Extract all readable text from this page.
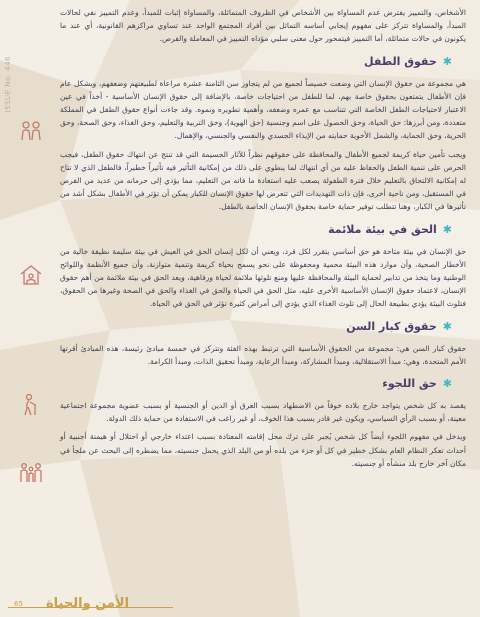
ISSUE No. 446

الأشخاص، والتمييز يفترض عدم المساواة بين الأشخاص في الظروف المتماثلة، والمساواة إثبات للمبدأ، وعدم التمييز نفي لحالات المبدأ، والمساواة تتركز على مفهوم إيجابي أساسه التماثل بين أفراد المجتمع الواحد عند تساوي مراكزهم القانونية، أي عند ما يكونون في حالات متماثلة، أما التمييز فيتمحور حول معنى سلبي مؤداه التمييز في المعاملة والفرص.

✱حقوق الطفل

هي مجموعة من حقوق الإنسان التي وضعت خصيصاً لجميع من لم يتجاوز سن الثامنة عشرة مراعاة لطبيعتهم وضعفهم، وبشكل عام فإن الأطفال يتمتعون بحقوق خاصة بهم، لما للطفل من احتياجات خاصة، بالإضافة إلى حقوق الإنسان الأساسية - أخذاً في عين الاعتبار لاحتياجات الطفل الخاصة التي تتناسب مع عمره وضعفه، وأهمية تطويره ونموه. وقد جاءت أنواع حقوق الطفل في المملكة متعددة، ومن أبرزها: حق الحياة، وحق الحصول على اسم وجنسية (حق الهوية)، وحق التربية والتعليم، وحق الغذاء، وحق الصحة، وحق الحرية، وحق الحماية، والشمل الأخوية حمايته من الإيذاء الجسدي والنفسي والجنسي، والإهمال.

ويجب تأمين حياة كريمة لجميع الأطفال والمحافظة على حقوقهم نظراً للآثار الجسيمة التي قد تنتج عن انتهاك حقوق الطفل، فيجب الحرص على تنمية الطفل والحفاظ عليه من أي انتهاك لما ينطوي على ذلك من إمكانية التأثير فيه تأثيراً خطيراً، فالطفل الذي لا تتاح له إمكانية الالتحاق بالتعليم خلال فترة الطفولة يصعب عليه استعادة ما فاته من التعليم، مما يؤدي إلى حرمانه من عديد من الفرص في المستقبل، ومن ناحية أخرى، فإن ذات التهديدات التي تتعرض لها حقوق الإنسان للكبار يمكن أن تؤثر في الأطفال بشكل أشد من تأثيرها في الكبار، وهنا تتطلب توفير حماية خاصة بحقوق الإنسان الخاصة بالطفل.

✱الحق في بيئة ملائمة

حق الإنسان في بيئة متاحة هو حق أساسي يتقرر لكل فرد، ويعني أن لكل إنسان الحق في العيش في بيئة سليمة نظيفة خالية من الأخطار الصحية، وأن موارد هذه البيئة محمية ومحفوظة على نحو يسمح بحياة كريمة وتنمية متوازنة، وأن جميع الأنظمة واللوائح الوطنية وما يتخذ من تدابير لحماية البيئة والمحافظة عليها ومنع تلوثها ملائمة لحياة ورفاهية، ويعد الحق في بيئة ملائمة من أهم حقوق الإنسان، لاعتماد حقوق الإنسان الأساسية الأخرى عليه، مثل الحق في الحياة والحق في الغذاء والحق في الصحة وغيرها من الحقوق، فتلوث البيئة يؤدي بطبيعة الحال إلى تلوث الغذاء الذي يؤدي إلى أمراض كثيرة تؤثر في الحق في الحياة.

✱حقوق كبار السن

حقوق كبار السن هي: مجموعة من الحقوق الأساسية التي ترتبط بهذه الفئة وتتركز في خمسة مبادئ رئيسة، هذه المبادئ أقرتها الأمم المتحدة، وهي: مبدأ الاستقلالية، ومبدأ المشاركة، ومبدأ الرعاية، ومبدأ تحقيق الذات، ومبدأ الكرامة.

✱حق اللجوء

يقصد به كل شخص يتواجد خارج بلاده خوفاً من الاضطهاد بسبب العرق أو الدين أو الجنسية أو بسبب عضوية مجموعة اجتماعية معينة، أو بسبب الرأي السياسي، ويكون غير قادر بسبب هذا الخوف، أو غير راغب في الاستفادة من حماية ذلك الدولة.

ويدخل في مفهوم اللجوء أيضاً كل شخص يُجبر على ترك محل إقامته المعتادة بسبب اعتداء خارجي أو احتلال أو هيمنة أجنبية أو أحداث تعكر النظام العام بشكل خطير في كل أو جزء من بلده أو من البلد الذي يحمل جنسيته، مما يضطره إلى البحث عن ملجأ في مكان آخر خارج بلد منشأه أو جنسيته.

65 الأمن والحياة
